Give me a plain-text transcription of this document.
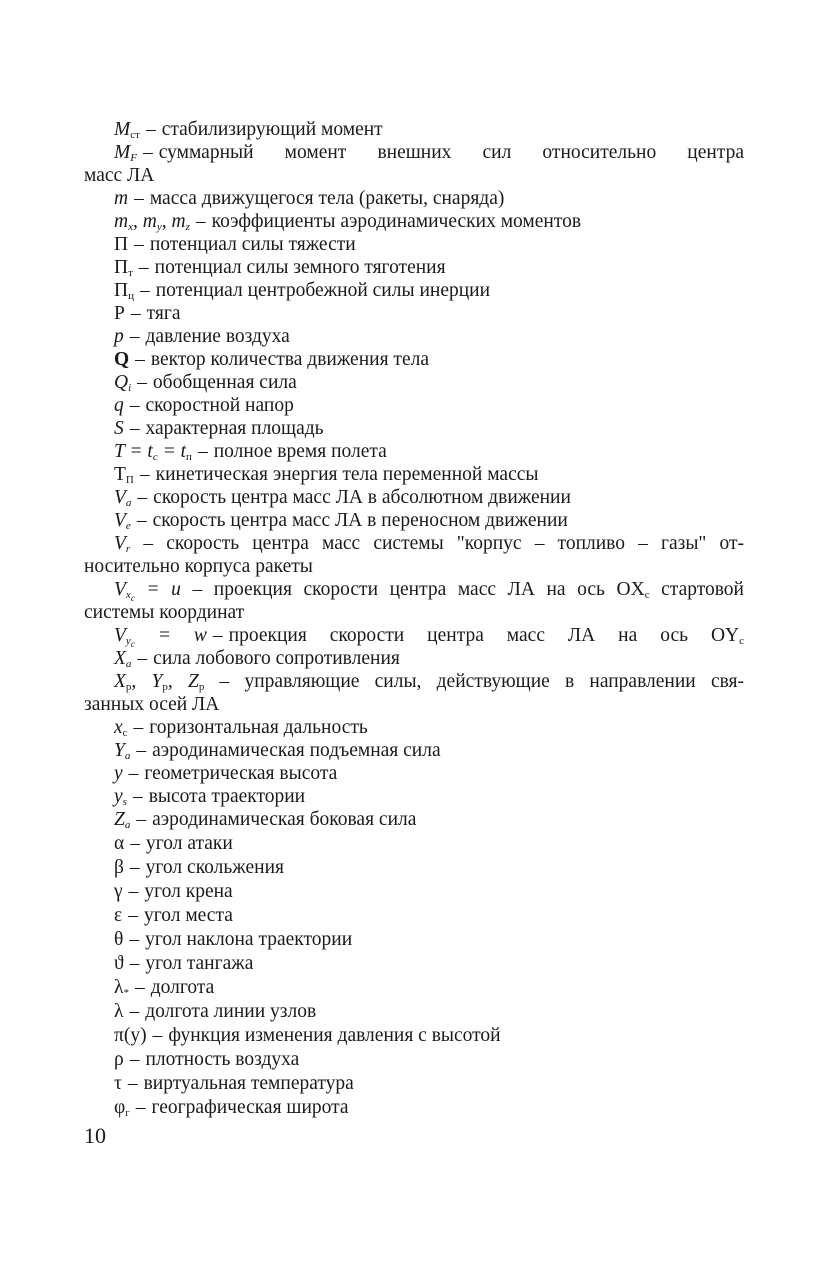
$M_{ст}$ – стабилизирующий момент
$M_F$ – суммарный момент внешних сил относительно центра
масс ЛА
m – масса движущегося тела (ракеты, снаряда)
$m_x$, $m_y$, $m_z$ – коэффициенты аэродинамических моментов
П – потенциал силы тяжести
$П_т$ – потенциал силы земного тяготения
$П_ц$ – потенциал центробежной силы инерции
Р – тяга
p – давление воздуха
Q – вектор количества движения тела
$Q_i$ – обобщенная сила
q – скоростной напор
S – характерная площадь
$T = t_c = t_п$ – полное время полета
$Т_П$ – кинетическая энергия тела переменной массы
$V_a$ – скорость центра масс ЛА в абсолютном движении
$V_e$ – скорость центра масс ЛА в переносном движении
$V_r$ – скорость центра масс системы "корпус – топливо – газы" от-
носительно корпуса ракеты
$V_{x_c} = u$ – проекция скорости центра масс ЛА на ось $OX_c$ стартовой
системы координат
$V_{y_c} = w$ – проекция скорости центра масс ЛА на ось $OY_c$
$X_a$ – сила лобового сопротивления
$X_р$, $Y_р$, $Z_р$ – управляющие силы, действующие в направлении свя-
занных осей ЛА
$x_c$ – горизонтальная дальность
$Y_a$ – аэродинамическая подъемная сила
y – геометрическая высота
$y_s$ – высота траектории
$Z_a$ – аэродинамическая боковая сила
α – угол атаки
β – угол скольжения
γ – угол крена
ε – угол места
θ – угол наклона траектории
ϑ – угол тангажа
$\lambda_*$ – долгота
λ – долгота линии узлов
π(y) – функция изменения давления с высотой
ρ – плотность воздуха
τ – виртуальная температура
$\varphi_г$ – географическая широта
10
